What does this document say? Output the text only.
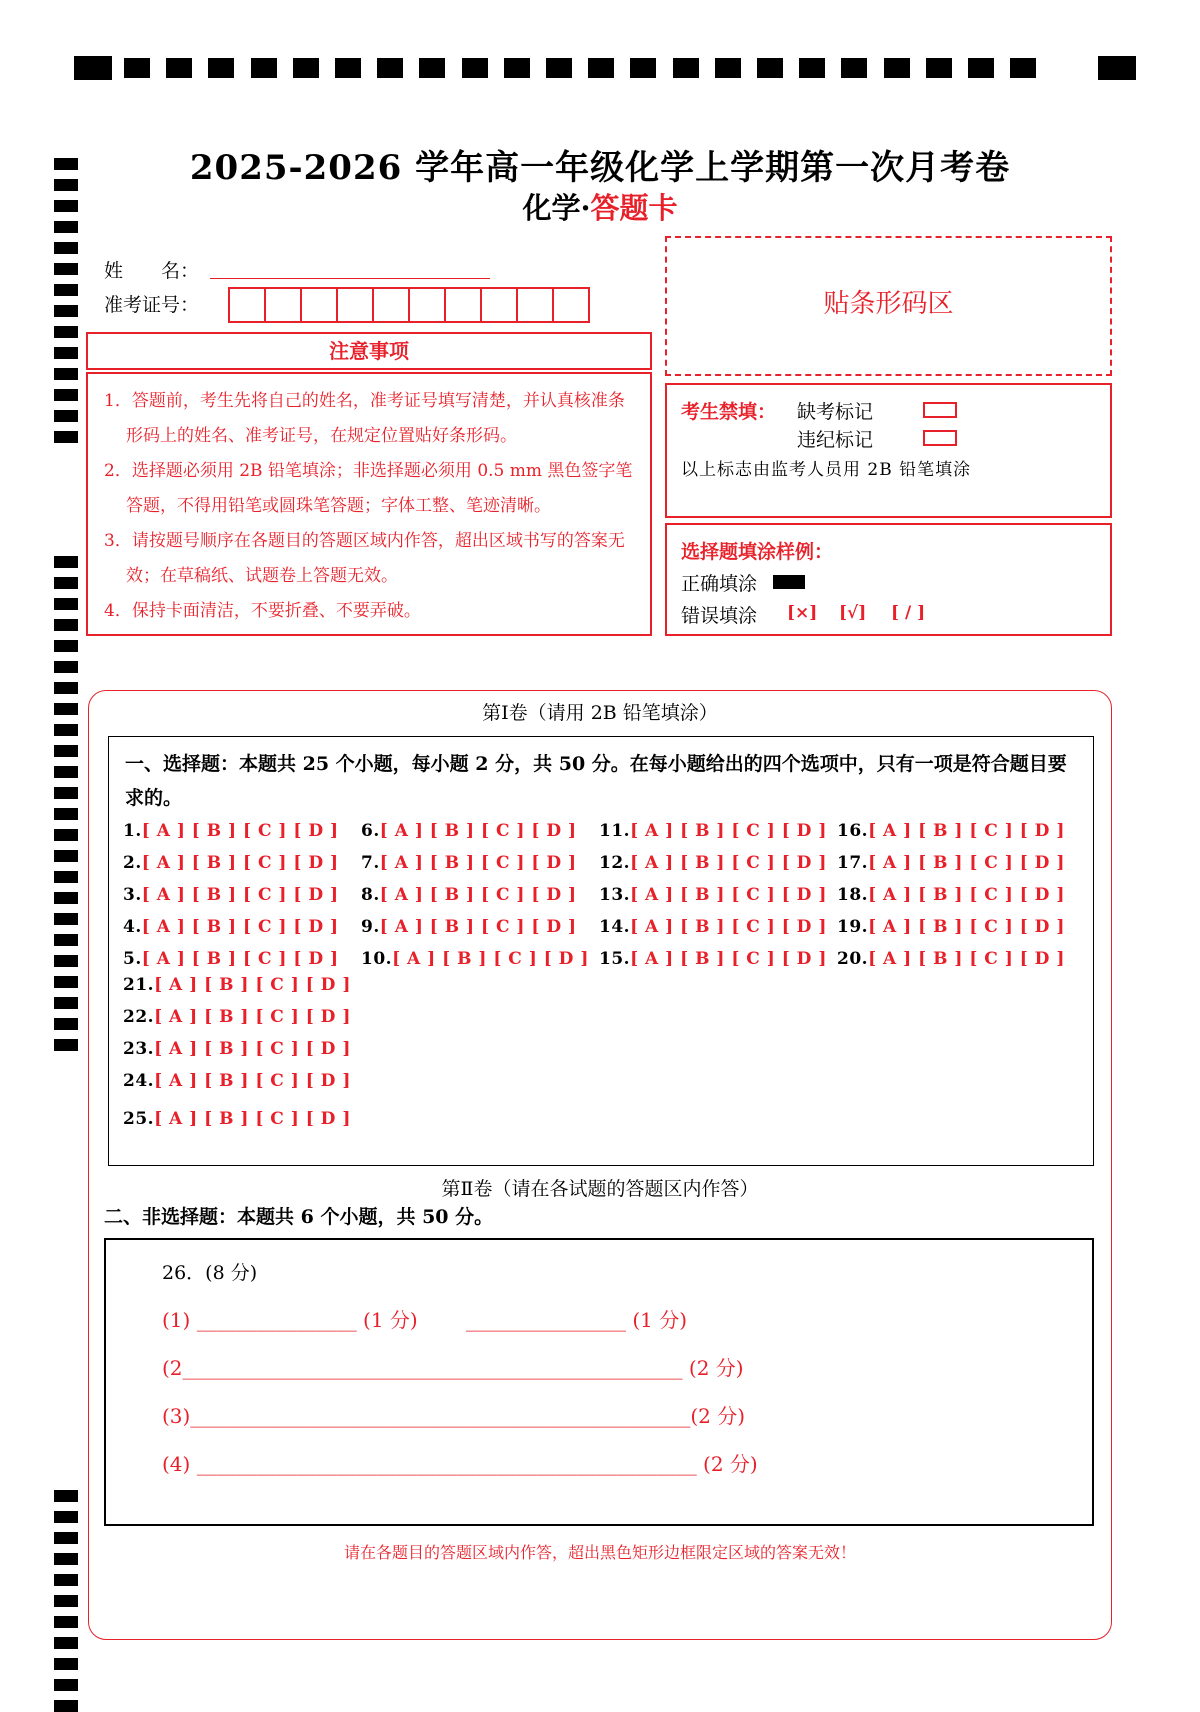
2025-2026 学年高一年级化学上学期第一次月考卷
化学·答题卡
姓　　名：
准考证号：
注意事项
1．答题前，考生先将自己的姓名，准考证号填写清楚，并认真核准条形码上的姓名、准考证号，在规定位置贴好条形码。
2．选择题必须用 2B 铅笔填涂；非选择题必须用 0.5 mm 黑色签字笔答题，不得用铅笔或圆珠笔答题；字体工整、笔迹清晰。
3．请按题号顺序在各题目的答题区域内作答，超出区域书写的答案无效；在草稿纸、试题卷上答题无效。
4．保持卡面清洁，不要折叠、不要弄破。
贴条形码区
考生禁填： 缺考标记
违纪标记
以上标志由监考人员用 2B 铅笔填涂
选择题填涂样例：
正确填涂
错误填涂 [×] [√] [ / ]
第Ⅰ卷（请用 2B 铅笔填涂）
一、选择题：本题共 25 个小题，每小题 2 分，共 50 分。在每小题给出的四个选项中，只有一项是符合题目要求的。
1.[ A ] [ B ] [ C ] [ D ]
2.[ A ] [ B ] [ C ] [ D ]
3.[ A ] [ B ] [ C ] [ D ]
4.[ A ] [ B ] [ C ] [ D ]
5.[ A ] [ B ] [ C ] [ D ]
6.[ A ] [ B ] [ C ] [ D ]
7.[ A ] [ B ] [ C ] [ D ]
8.[ A ] [ B ] [ C ] [ D ]
9.[ A ] [ B ] [ C ] [ D ]
10.[ A ] [ B ] [ C ] [ D ]
11.[ A ] [ B ] [ C ] [ D ]
12.[ A ] [ B ] [ C ] [ D ]
13.[ A ] [ B ] [ C ] [ D ]
14.[ A ] [ B ] [ C ] [ D ]
15.[ A ] [ B ] [ C ] [ D ]
16.[ A ] [ B ] [ C ] [ D ]
17.[ A ] [ B ] [ C ] [ D ]
18.[ A ] [ B ] [ C ] [ D ]
19.[ A ] [ B ] [ C ] [ D ]
20.[ A ] [ B ] [ C ] [ D ]
21.[ A ] [ B ] [ C ] [ D ]
22.[ A ] [ B ] [ C ] [ D ]
23.[ A ] [ B ] [ C ] [ D ]
24.[ A ] [ B ] [ C ] [ D ]
25.[ A ] [ B ] [ C ] [ D ]
第Ⅱ卷（请在各试题的答题区内作答）
二、非选择题：本题共 6 个小题，共 50 分。
26．(8 分)
(1) ________________ (1 分) ________________ (1 分)
(2__________________________________________________ (2 分)
(3)__________________________________________________(2 分)
(4) __________________________________________________ (2 分)
请在各题目的答题区域内作答，超出黑色矩形边框限定区域的答案无效！
